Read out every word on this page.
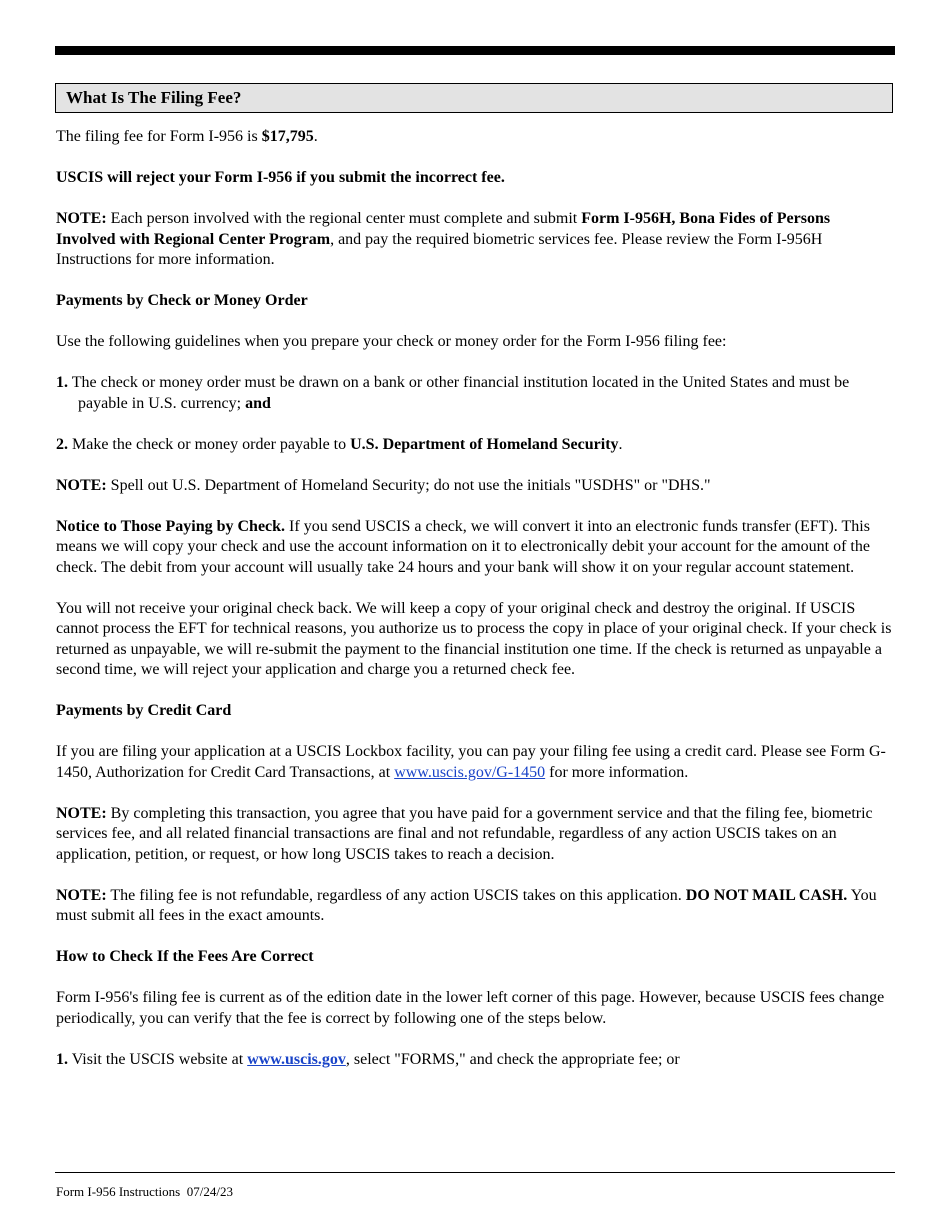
What Is The Filing Fee?

The filing fee for Form I-956 is $17,795.

USCIS will reject your Form I-956 if you submit the incorrect fee.

NOTE: Each person involved with the regional center must complete and submit Form I-956H, Bona Fides of Persons Involved with Regional Center Program, and pay the required biometric services fee. Please review the Form I-956H Instructions for more information.

Payments by Check or Money Order

Use the following guidelines when you prepare your check or money order for the Form I-956 filing fee:

1. The check or money order must be drawn on a bank or other financial institution located in the United States and must be payable in U.S. currency; and

2. Make the check or money order payable to U.S. Department of Homeland Security.

NOTE: Spell out U.S. Department of Homeland Security; do not use the initials "USDHS" or "DHS."

Notice to Those Paying by Check. If you send USCIS a check, we will convert it into an electronic funds transfer (EFT). This means we will copy your check and use the account information on it to electronically debit your account for the amount of the check. The debit from your account will usually take 24 hours and your bank will show it on your regular account statement.

You will not receive your original check back. We will keep a copy of your original check and destroy the original. If USCIS cannot process the EFT for technical reasons, you authorize us to process the copy in place of your original check. If your check is returned as unpayable, we will re-submit the payment to the financial institution one time. If the check is returned as unpayable a second time, we will reject your application and charge you a returned check fee.

Payments by Credit Card

If you are filing your application at a USCIS Lockbox facility, you can pay your filing fee using a credit card. Please see Form G-1450, Authorization for Credit Card Transactions, at www.uscis.gov/G-1450 for more information.

NOTE: By completing this transaction, you agree that you have paid for a government service and that the filing fee, biometric services fee, and all related financial transactions are final and not refundable, regardless of any action USCIS takes on an application, petition, or request, or how long USCIS takes to reach a decision.

NOTE: The filing fee is not refundable, regardless of any action USCIS takes on this application. DO NOT MAIL CASH. You must submit all fees in the exact amounts.

How to Check If the Fees Are Correct

Form I-956's filing fee is current as of the edition date in the lower left corner of this page. However, because USCIS fees change periodically, you can verify that the fee is correct by following one of the steps below.

1. Visit the USCIS website at www.uscis.gov, select "FORMS," and check the appropriate fee; or

Form I-956 Instructions 07/24/23
